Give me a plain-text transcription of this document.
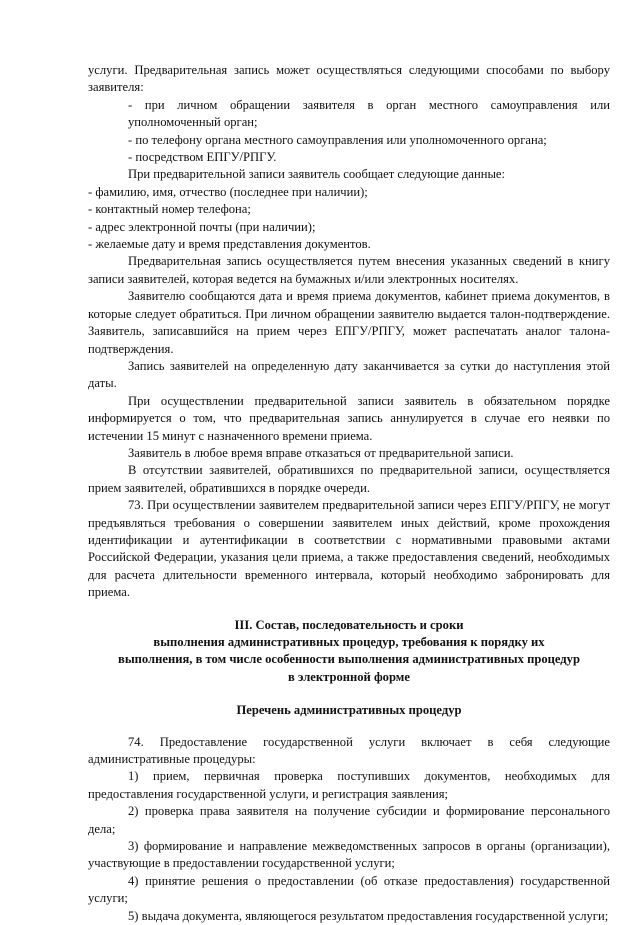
услуги. Предварительная запись может осуществляться следующими способами по выбору заявителя:

- при личном обращении заявителя в орган местного самоуправления или уполномоченный орган;

- по телефону органа местного самоуправления или уполномоченного органа;

- посредством ЕПГУ/РПГУ.

При предварительной записи заявитель сообщает следующие данные:

- фамилию, имя, отчество (последнее при наличии);

- контактный номер телефона;

- адрес электронной почты (при наличии);

- желаемые дату и время представления документов.

Предварительная запись осуществляется путем внесения указанных сведений в книгу записи заявителей, которая ведется на бумажных и/или электронных носителях.

Заявителю сообщаются дата и время приема документов, кабинет приема документов, в которые следует обратиться. При личном обращении заявителю выдается талон-подтверждение. Заявитель, записавшийся на прием через ЕПГУ/РПГУ, может распечатать аналог талона-подтверждения.

Запись заявителей на определенную дату заканчивается за сутки до наступления этой даты.

При осуществлении предварительной записи заявитель в обязательном порядке информируется о том, что предварительная запись аннулируется в случае его неявки по истечении 15 минут с назначенного времени приема.

Заявитель в любое время вправе отказаться от предварительной записи.

В отсутствии заявителей, обратившихся по предварительной записи, осуществляется прием заявителей, обратившихся в порядке очереди.

73. При осуществлении заявителем предварительной записи через ЕПГУ/РПГУ, не могут предъявляться требования о совершении заявителем иных действий, кроме прохождения идентификации и аутентификации в соответствии с нормативными правовыми актами Российской Федерации, указания цели приема, а также предоставления сведений, необходимых для расчета длительности временного интервала, который необходимо забронировать для приема.

III. Состав, последовательность и сроки

выполнения административных процедур, требования к порядку их

выполнения, в том числе особенности выполнения административных процедур

в электронной форме

Перечень административных процедур

74. Предоставление государственной услуги включает в себя следующие административные процедуры:

1) прием, первичная проверка поступивших документов, необходимых для предоставления государственной услуги, и регистрация заявления;

2) проверка права заявителя на получение субсидии и формирование персонального дела;

3) формирование и направление межведомственных запросов в органы (организации), участвующие в предоставлении государственной услуги;

4) принятие решения о предоставлении (об отказе предоставления) государственной услуги;

5) выдача документа, являющегося результатом предоставления государственной услуги;
